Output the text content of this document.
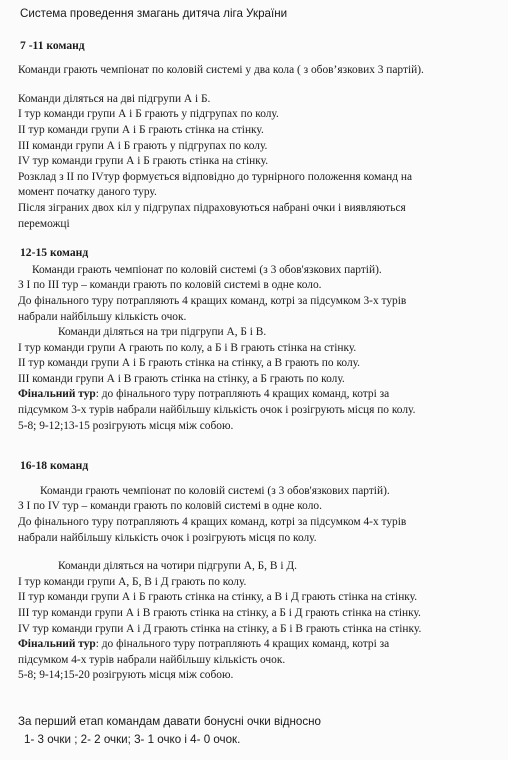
Система проведення змагань дитяча ліга України
7 -11 команд

Команди грають чемпіонат по коловій системі у два кола ( з обов’язкових 3 партій).

Команди діляться на дві підгрупи А і Б.

І тур команди групи А і Б грають у підгрупах по колу.

ІІ тур команди групи А і Б грають стінка на стінку.

ІІІ команди групи А і Б грають у підгрупах по колу.

ІV тур команди групи А і Б грають стінка на стінку.

Розклад з ІІ по ІVтур формується відповідно до турнірного положення команд на

момент початку даного туру.

Після зіграних двох кіл у підгрупах підраховуються набрані очки і виявляються

переможці

12-15 команд

Команди грають чемпіонат по коловій системі (з 3 обов'язкових партій).

З І по ІІІ тур – команди грають по коловій системі в одне коло.

До фінального туру потрапляють 4 кращих команд, котрі за підсумком 3-х турів

набрали найбільшу кількість очок.

Команди діляться на три підгрупи А, Б і В.

І тур команди групи А грають по колу, а Б і В грають стінка на стінку.

ІІ тур команди групи А і Б грають стінка на стінку, а В грають по колу.

ІІІ команди групи А і В грають стінка на стінку, а Б грають по колу.

Фінальний тур: до фінального туру потрапляють 4 кращих команд, котрі за

підсумком 3-х турів набрали найбільшу кількість очок і розігрують місця по колу.

5-8; 9-12;13-15 розігрують місця між собою.

16-18 команд

Команди грають чемпіонат по коловій системі (з 3 обов'язкових партій).

З І по ІV тур – команди грають по коловій системі в одне коло.

До фінального туру потрапляють 4 кращих команд, котрі за підсумком 4-х турів

набрали найбільшу кількість очок і розігрують місця по колу.

Команди діляться на чотири підгрупи А, Б, В і Д.

І тур команди групи А, Б, В і Д грають по колу.

ІІ тур команди групи А і Б грають стінка на стінку, а В і Д грають стінка на стінку.

ІІІ тур команди групи А і В грають стінка на стінку, а Б і Д грають стінка на стінку.

ІV тур команди групи А і Д грають стінка на стінку, а Б і В грають стінка на стінку.

Фінальний тур: до фінального туру потрапляють 4 кращих команд, котрі за

підсумком 4-х турів набрали найбільшу кількість очок.

5-8; 9-14;15-20 розігрують місця між собою.

За перший етап командам давати бонусні очки відносно

1- 3 очки ; 2- 2 очки; 3- 1 очко і 4- 0 очок.
